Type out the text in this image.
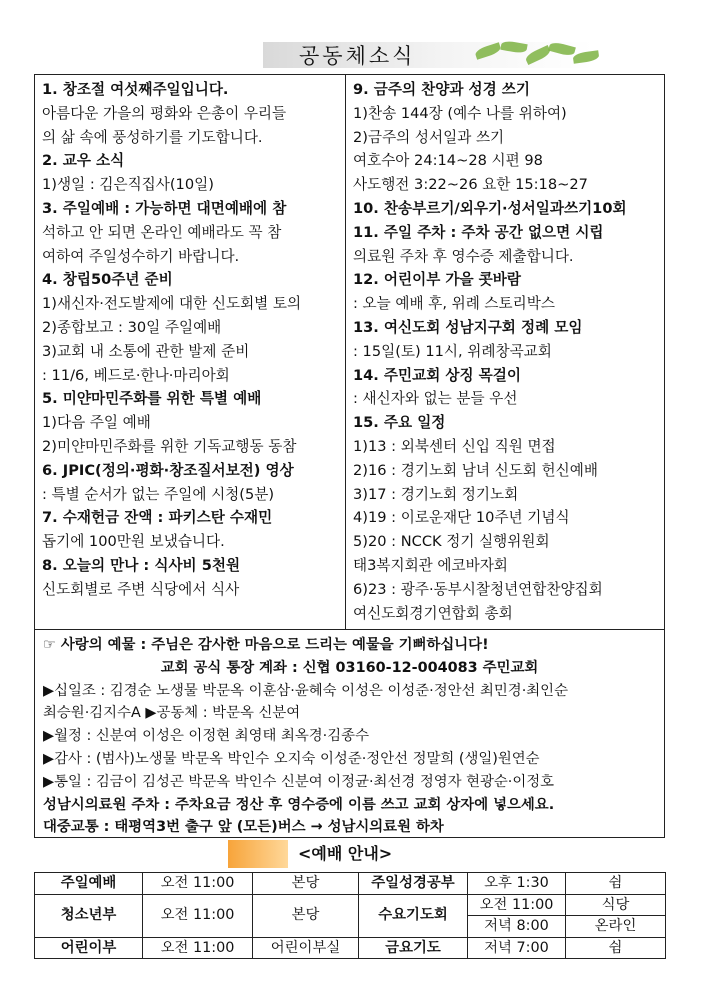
공동체소식
1. 창조절 여섯째주일입니다.
아름다운 가을의 평화와 은총이 우리들
의 삶 속에 풍성하기를 기도합니다.
2. 교우 소식
1)생일 : 김은직집사(10일)
3. 주일예배 : 가능하면 대면예배에 참
석하고 안 되면 온라인 예배라도 꼭 참
여하여 주일성수하기 바랍니다.
4. 창립50주년 준비
1)새신자·전도발제에 대한 신도회별 토의
2)종합보고 : 30일 주일예배
3)교회 내 소통에 관한 발제 준비
: 11/6, 베드로·한나·마리아회
5. 미얀마민주화를 위한 특별 예배
1)다음 주일 예배
2)미얀마민주화를 위한 기독교행동 동참
6. JPIC(정의·평화·창조질서보전) 영상
: 특별 순서가 없는 주일에 시청(5분)
7. 수재헌금 잔액 : 파키스탄 수재민
돕기에 100만원 보냈습니다.
8. 오늘의 만나 : 식사비 5천원
신도회별로 주변 식당에서 식사
9. 금주의 찬양과 성경 쓰기
1)찬송 144장 (예수 나를 위하여)
2)금주의 성서일과 쓰기
여호수아 24:14~28 시편 98
사도행전 3:22~26 요한 15:18~27
10. 찬송부르기/외우기·성서일과쓰기10회
11. 주일 주차 : 주차 공간 없으면 시립
의료원 주차 후 영수증 제출합니다.
12. 어린이부 가을 콧바람
: 오늘 예배 후, 위례 스토리박스
13. 여신도회 성남지구회 정례 모임
: 15일(토) 11시, 위례창곡교회
14. 주민교회 상징 목걸이
: 새신자와 없는 분들 우선
15. 주요 일정
1)13 : 외북센터 신입 직원 면접
2)16 : 경기노회 남녀 신도회 헌신예배
3)17 : 경기노회 정기노회
4)19 : 이로운재단 10주년 기념식
5)20 : NCCK 정기 실행위원회
태3복지회관 에코바자회
6)23 : 광주·동부시찰청년연합찬양집회
여신도회경기연합회 총회
☞ 사랑의 예물 : 주님은 감사한 마음으로 드리는 예물을 기뻐하십니다!
교회 공식 통장 계좌 : 신협 03160-12-004083 주민교회
▶십일조 : 김경순 노생물 박문옥 이훈삼·윤혜숙 이성은 이성준·정안선 최민경·최인순
최승원·김지수A ▶공동체 : 박문옥 신분여
▶월정 : 신분여 이성은 이정현 최영태 최옥경·김종수
▶감사 : (범사)노생물 박문옥 박인수 오지숙 이성준·정안선 정말희 (생일)원연순
▶통일 : 김금이 김성곤 박문옥 박인수 신분여 이정균·최선경 정영자 현광순·이정호
성남시의료원 주차 : 주차요금 정산 후 영수증에 이름 쓰고 교회 상자에 넣으세요.
대중교통 : 태평역3번 출구 앞 (모든)버스 → 성남시의료원 하차
<예배 안내>
주일예배	오전 11:00	본당	주일성경공부	오후 1:30	쉼
청소년부	오전 11:00	본당	수요기도회	오전 11:00	식당
				저녁 8:00	온라인
어린이부	오전 11:00	어린이부실	금요기도	저녁 7:00	쉼
